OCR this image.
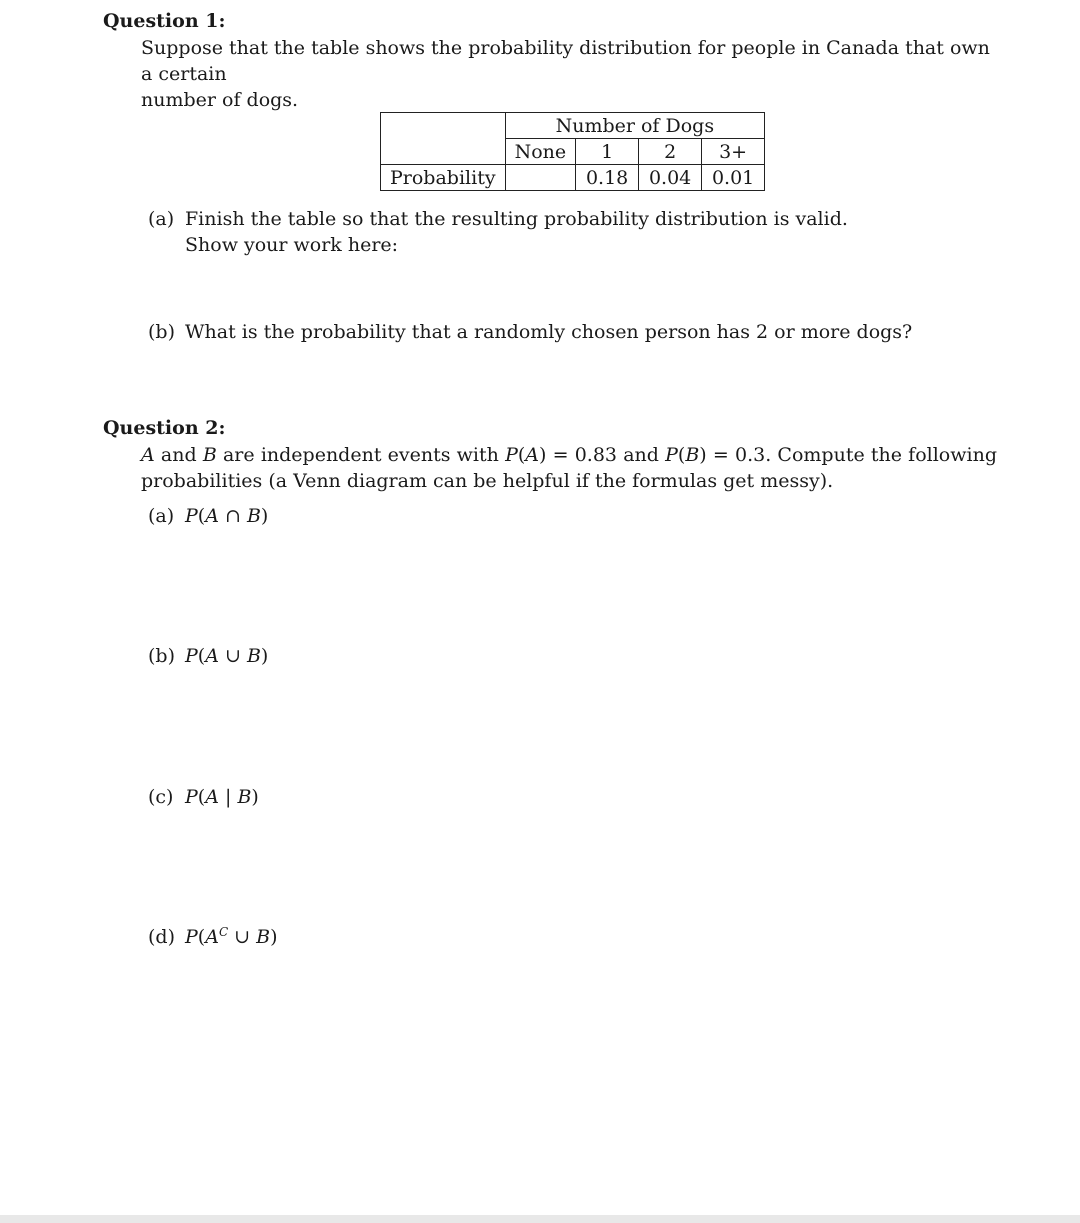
Question 1:
Suppose that the table shows the probability distribution for people in Canada that own a certain
number of dogs.
	Number of Dogs			
	None	1	2	3+
Probability		0.18	0.04	0.01
(a) Finish the table so that the resulting probability distribution is valid.
Show your work here:
(b) What is the probability that a randomly chosen person has 2 or more dogs?
Question 2:
A and B are independent events with P(A) = 0.83 and P(B) = 0.3. Compute the following
probabilities (a Venn diagram can be helpful if the formulas get messy).
(a) P(A ∩ B)
(b) P(A ∪ B)
(c) P(A | B)
(d) $P(A^C$ ∪ B)
